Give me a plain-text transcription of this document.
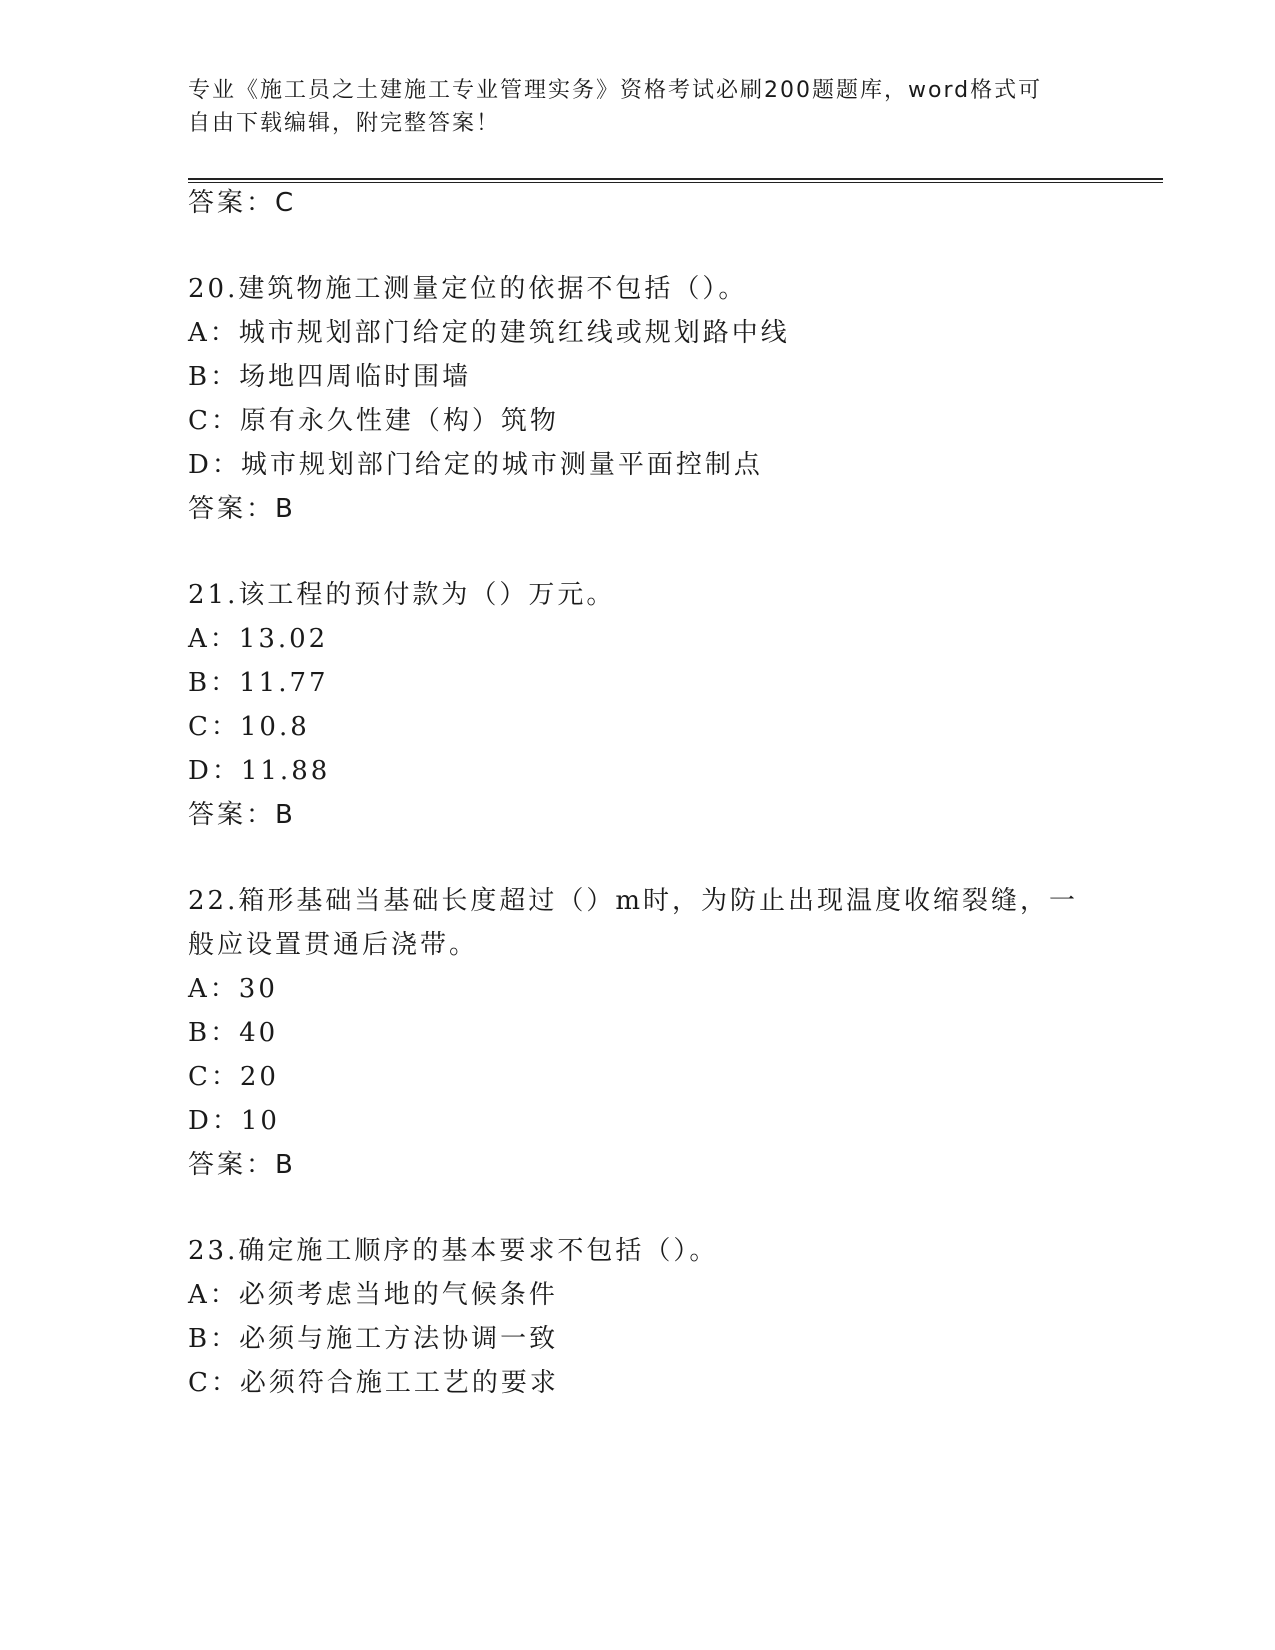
专业《施工员之土建施工专业管理实务》资格考试必刷200题题库，word格式可
自由下载编辑，附完整答案！
答案：C
20.建筑物施工测量定位的依据不包括（）。
A：城市规划部门给定的建筑红线或规划路中线
B：场地四周临时围墙
C：原有永久性建（构）筑物
D：城市规划部门给定的城市测量平面控制点
答案：B
21.该工程的预付款为（）万元。
A：13.02
B：11.77
C：10.8
D：11.88
答案：B
22.箱形基础当基础长度超过（）m时，为防止出现温度收缩裂缝，一
般应设置贯通后浇带。
A：30
B：40
C：20
D：10
答案：B
23.确定施工顺序的基本要求不包括（）。
A：必须考虑当地的气候条件
B：必须与施工方法协调一致
C：必须符合施工工艺的要求
